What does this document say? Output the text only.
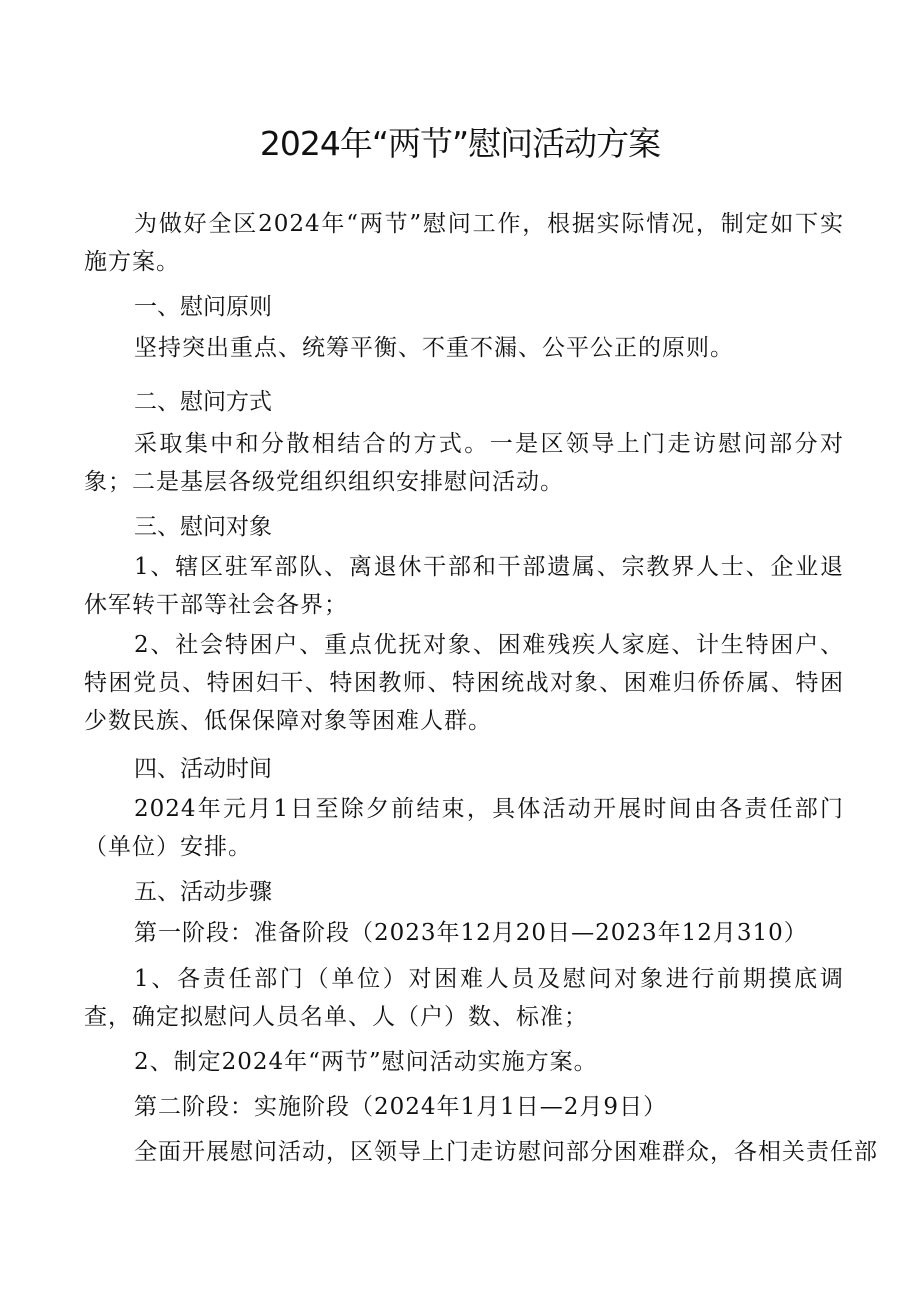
2024年“两节”慰问活动方案

为做好全区2024年“两节”慰问工作，根据实际情况，制定如下实施方案。

一、慰问原则
坚持突出重点、统筹平衡、不重不漏、公平公正的原则。
二、慰问方式

采取集中和分散相结合的方式。一是区领导上门走访慰问部分对象；二是基层各级党组织组织安排慰问活动。

三、慰问对象

1、辖区驻军部队、离退休干部和干部遗属、宗教界人士、企业退休军转干部等社会各界；

2、社会特困户、重点优抚对象、困难残疾人家庭、计生特困户、特困党员、特困妇干、特困教师、特困统战对象、困难归侨侨属、特困少数民族、低保保障对象等困难人群。

四、活动时间

2024年元月1日至除夕前结束，具体活动开展时间由各责任部门（单位）安排。

五、活动步骤
第一阶段：准备阶段（2023年12月20日—2023年12月310）

1、各责任部门（单位）对困难人员及慰问对象进行前期摸底调查，确定拟慰问人员名单、人（户）数、标准；

2、制定2024年“两节”慰问活动实施方案。
第二阶段：实施阶段（2024年1月1日—2月9日）
全面开展慰问活动，区领导上门走访慰问部分困难群众，各相关责任部
